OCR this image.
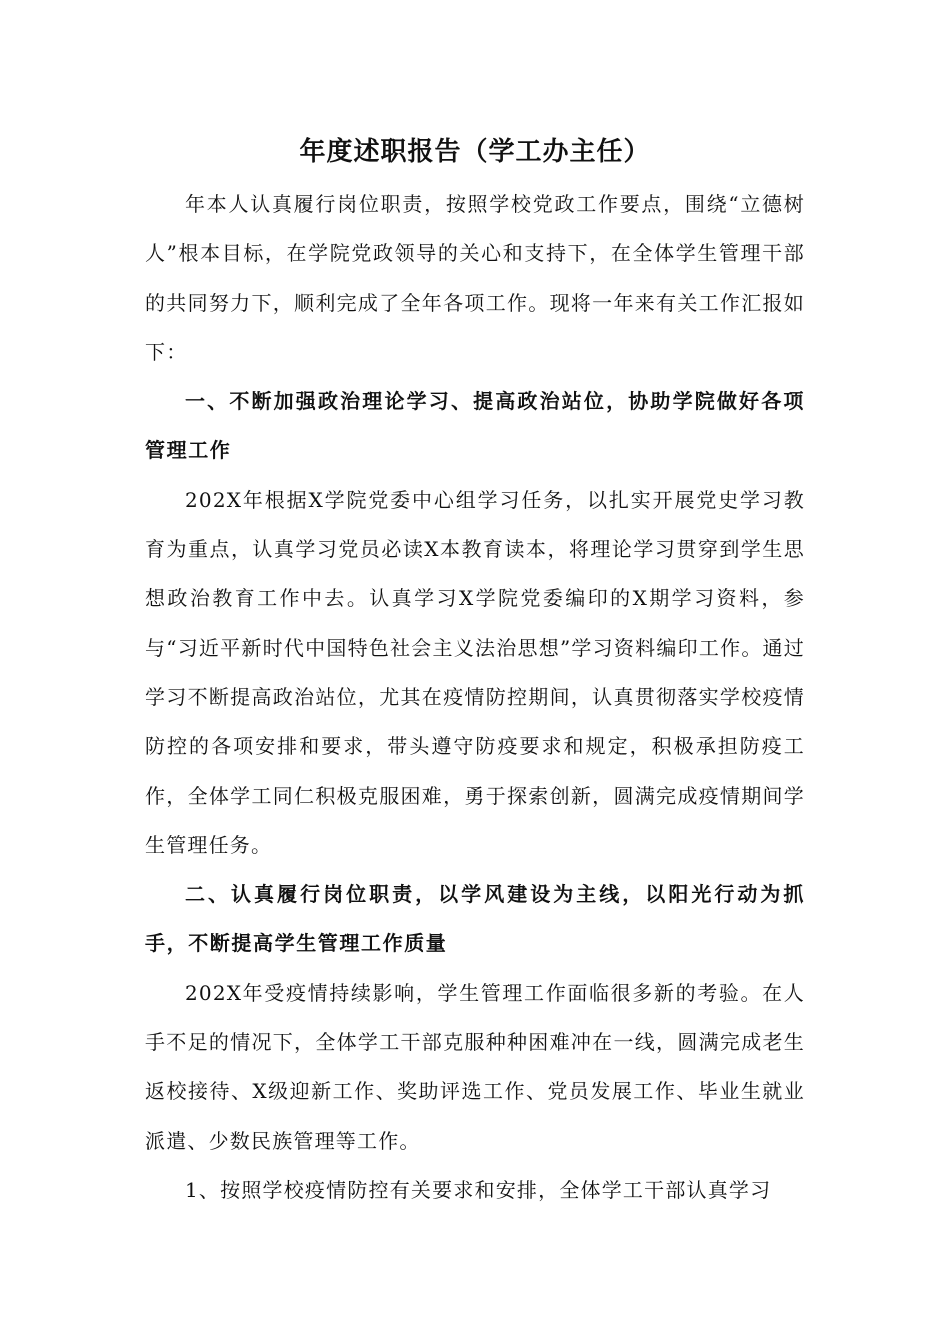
年度述职报告（学工办主任）

年本人认真履行岗位职责，按照学校党政工作要点，围绕“立德树人”根本目标，在学院党政领导的关心和支持下，在全体学生管理干部的共同努力下，顺利完成了全年各项工作。现将一年来有关工作汇报如下：

一、不断加强政治理论学习、提高政治站位，协助学院做好各项管理工作

202X年根据X学院党委中心组学习任务，以扎实开展党史学习教育为重点，认真学习党员必读X本教育读本，将理论学习贯穿到学生思想政治教育工作中去。认真学习X学院党委编印的X期学习资料，参与“习近平新时代中国特色社会主义法治思想”学习资料编印工作。通过学习不断提高政治站位，尤其在疫情防控期间，认真贯彻落实学校疫情防控的各项安排和要求，带头遵守防疫要求和规定，积极承担防疫工作，全体学工同仁积极克服困难，勇于探索创新，圆满完成疫情期间学生管理任务。

二、认真履行岗位职责，以学风建设为主线，以阳光行动为抓手，不断提高学生管理工作质量

202X年受疫情持续影响，学生管理工作面临很多新的考验。在人手不足的情况下，全体学工干部克服种种困难冲在一线，圆满完成老生返校接待、X级迎新工作、奖助评选工作、党员发展工作、毕业生就业派遣、少数民族管理等工作。

1、按照学校疫情防控有关要求和安排，全体学工干部认真学习
